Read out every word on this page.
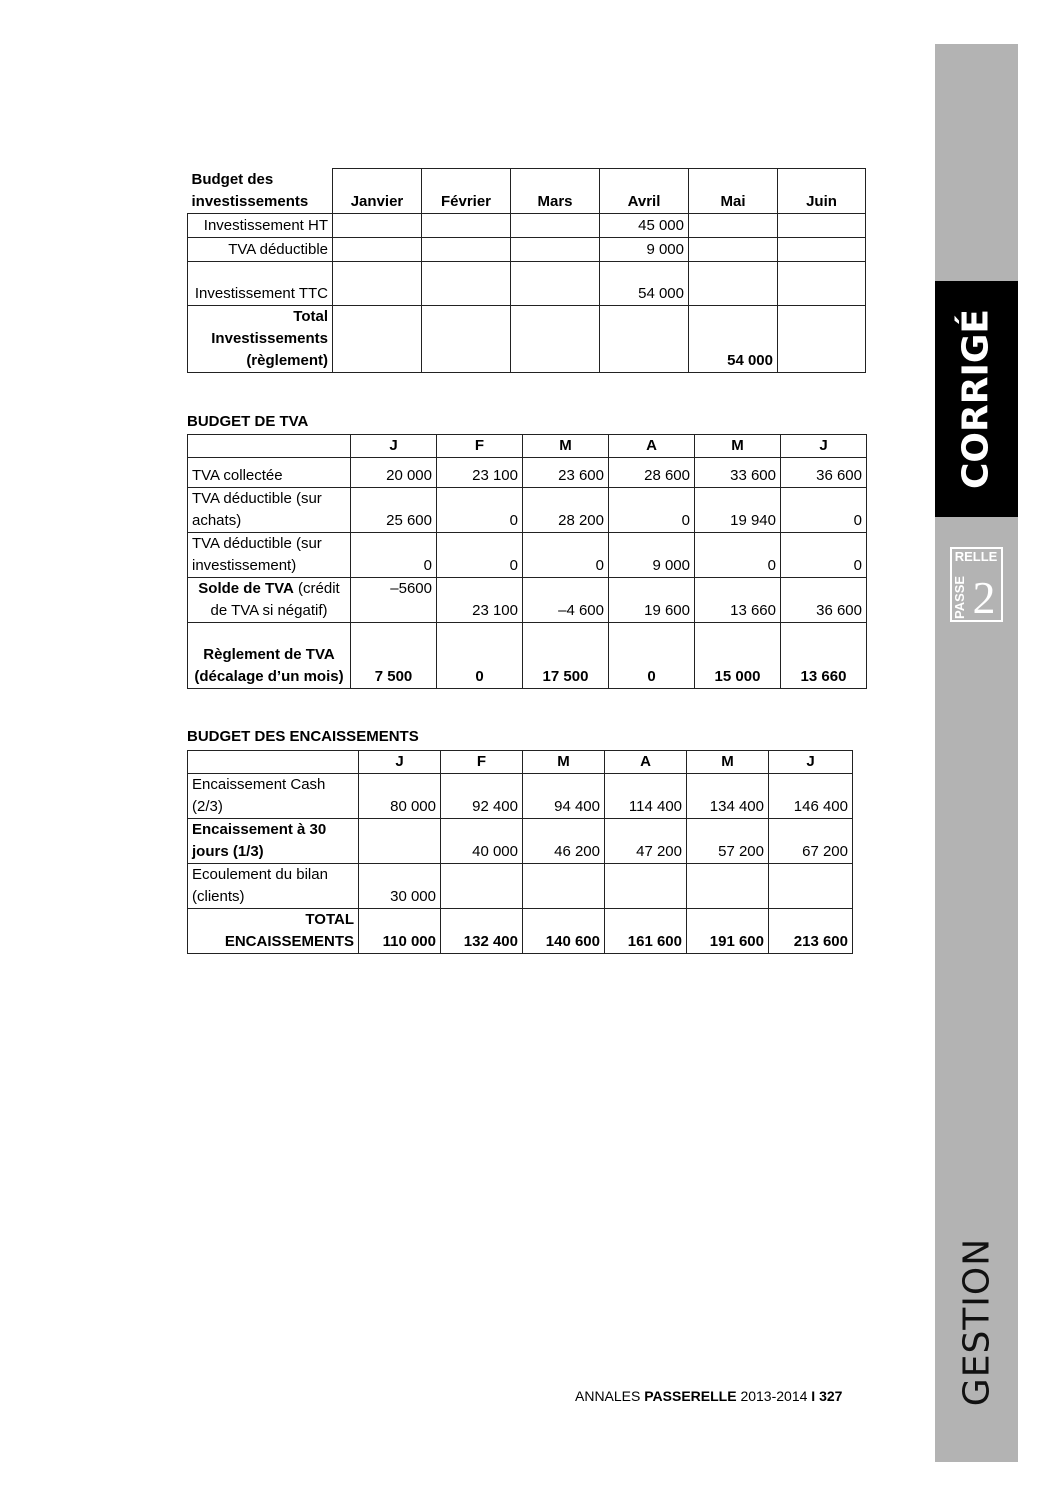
CORRIGÉ
RELLE
PASSE 2
GESTION
Budget des investissements	Janvier	Février	Mars	Avril	Mai	Juin
Investissement HT				45 000		
TVA déductible				9 000		
Investissement TTC				54 000		
Total Investissements (règlement)					54 000	
BUDGET DE TVA
	J	F	M	A	M	J
TVA collectée	20 000	23 100	23 600	28 600	33 600	36 600
TVA déductible (sur achats)	25 600	0	28 200	0	19 940	0
TVA déductible (sur investissement)	0	0	0	9 000	0	0
Solde de TVA (crédit de TVA si négatif)	–5600	23 100	–4 600	19 600	13 660	36 600
Règlement de TVA (décalage d’un mois)	7 500	0	17 500	0	15 000	13 660
BUDGET DES ENCAISSEMENTS
	J	F	M	A	M	J
Encaissement Cash (2/3)	80 000	92 400	94 400	114 400	134 400	146 400
Encaissement à 30 jours (1/3)		40 000	46 200	47 200	57 200	67 200
Ecoulement du bilan (clients)	30 000					
TOTAL ENCAISSEMENTS	110 000	132 400	140 600	161 600	191 600	213 600
ANNALES PASSERELLE 2013-2014 I 327
